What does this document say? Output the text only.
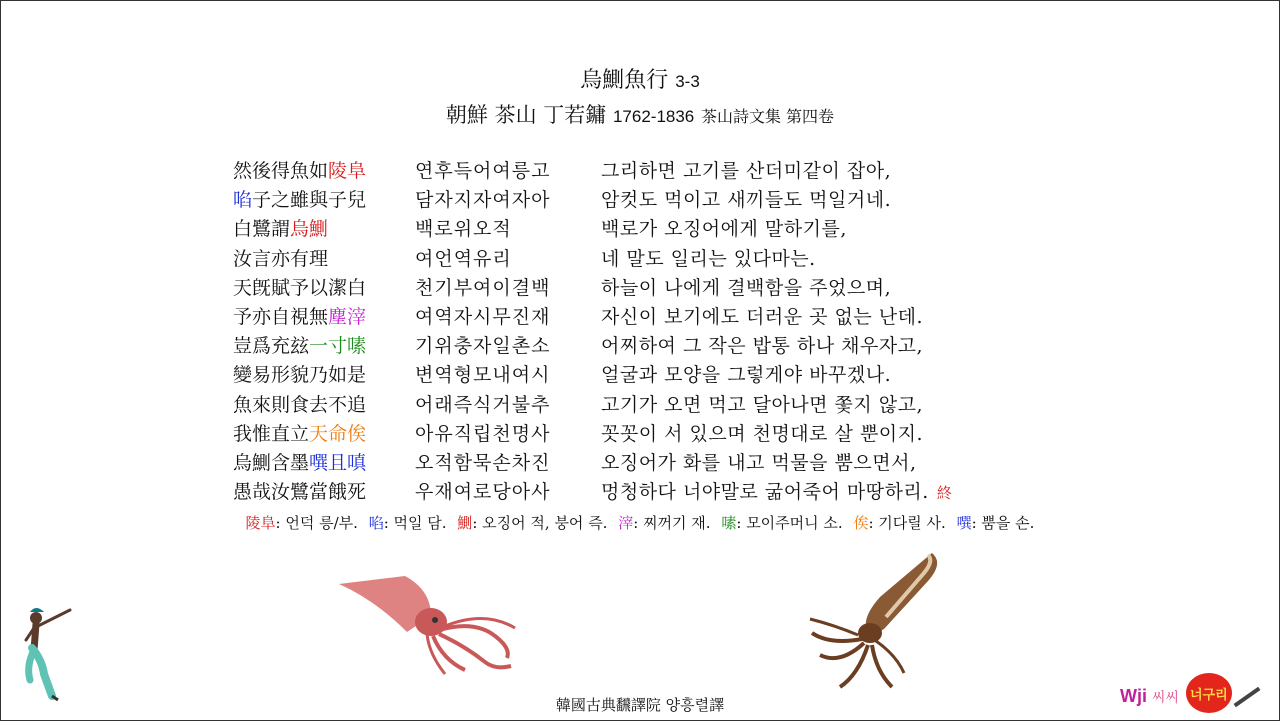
烏鰂魚行 3-3
朝鮮 茶山 丁若鏞 1762-1836 茶山詩文集 第四卷
然後得魚如陵阜	연후득어여릉고	그리하면 고기를 산더미같이 잡아,
啗子之雖與子兒	담자지자여자아	암컷도 먹이고 새끼들도 먹일거네.
白鷺謂烏鰂	백로위오적	백로가 오징어에게 말하기를,
汝言亦有理	여언역유리	네 말도 일리는 있다마는.
天旣賦予以潔白	천기부여이결백	하늘이 나에게 결백함을 주었으며,
予亦自視無塵滓	여역자시무진재	자신이 보기에도 더러운 곳 없는 난데.
豈爲充玆一寸嗉	기위충자일촌소	어찌하여 그 작은 밥통 하나 채우자고,
變易形貌乃如是	변역형모내여시	얼굴과 모양을 그렇게야 바꾸겠나.
魚來則食去不追	어래즉식거불추	고기가 오면 먹고 달아나면 쫓지 않고,
我惟直立天命俟	아유직립천명사	꼿꼿이 서 있으며 천명대로 살 뿐이지.
烏鰂含墨噀且嗔	오적함묵손차진	오징어가 화를 내고 먹물을 뿜으면서,
愚哉汝鷺當餓死	우재여로당아사	멍청하다 너야말로 굶어죽어 마땅하리. 終
陵阜: 언덕 릉/부. 啗: 먹일 담. 鰂: 오징어 적, 붕어 즉. 滓: 찌꺼기 재. 嗉: 모이주머니 소. 俟: 기다릴 사. 噀: 뿜을 손.
韓國古典飜譯院 양흥렬譯	Wji 씨씨 너구리
